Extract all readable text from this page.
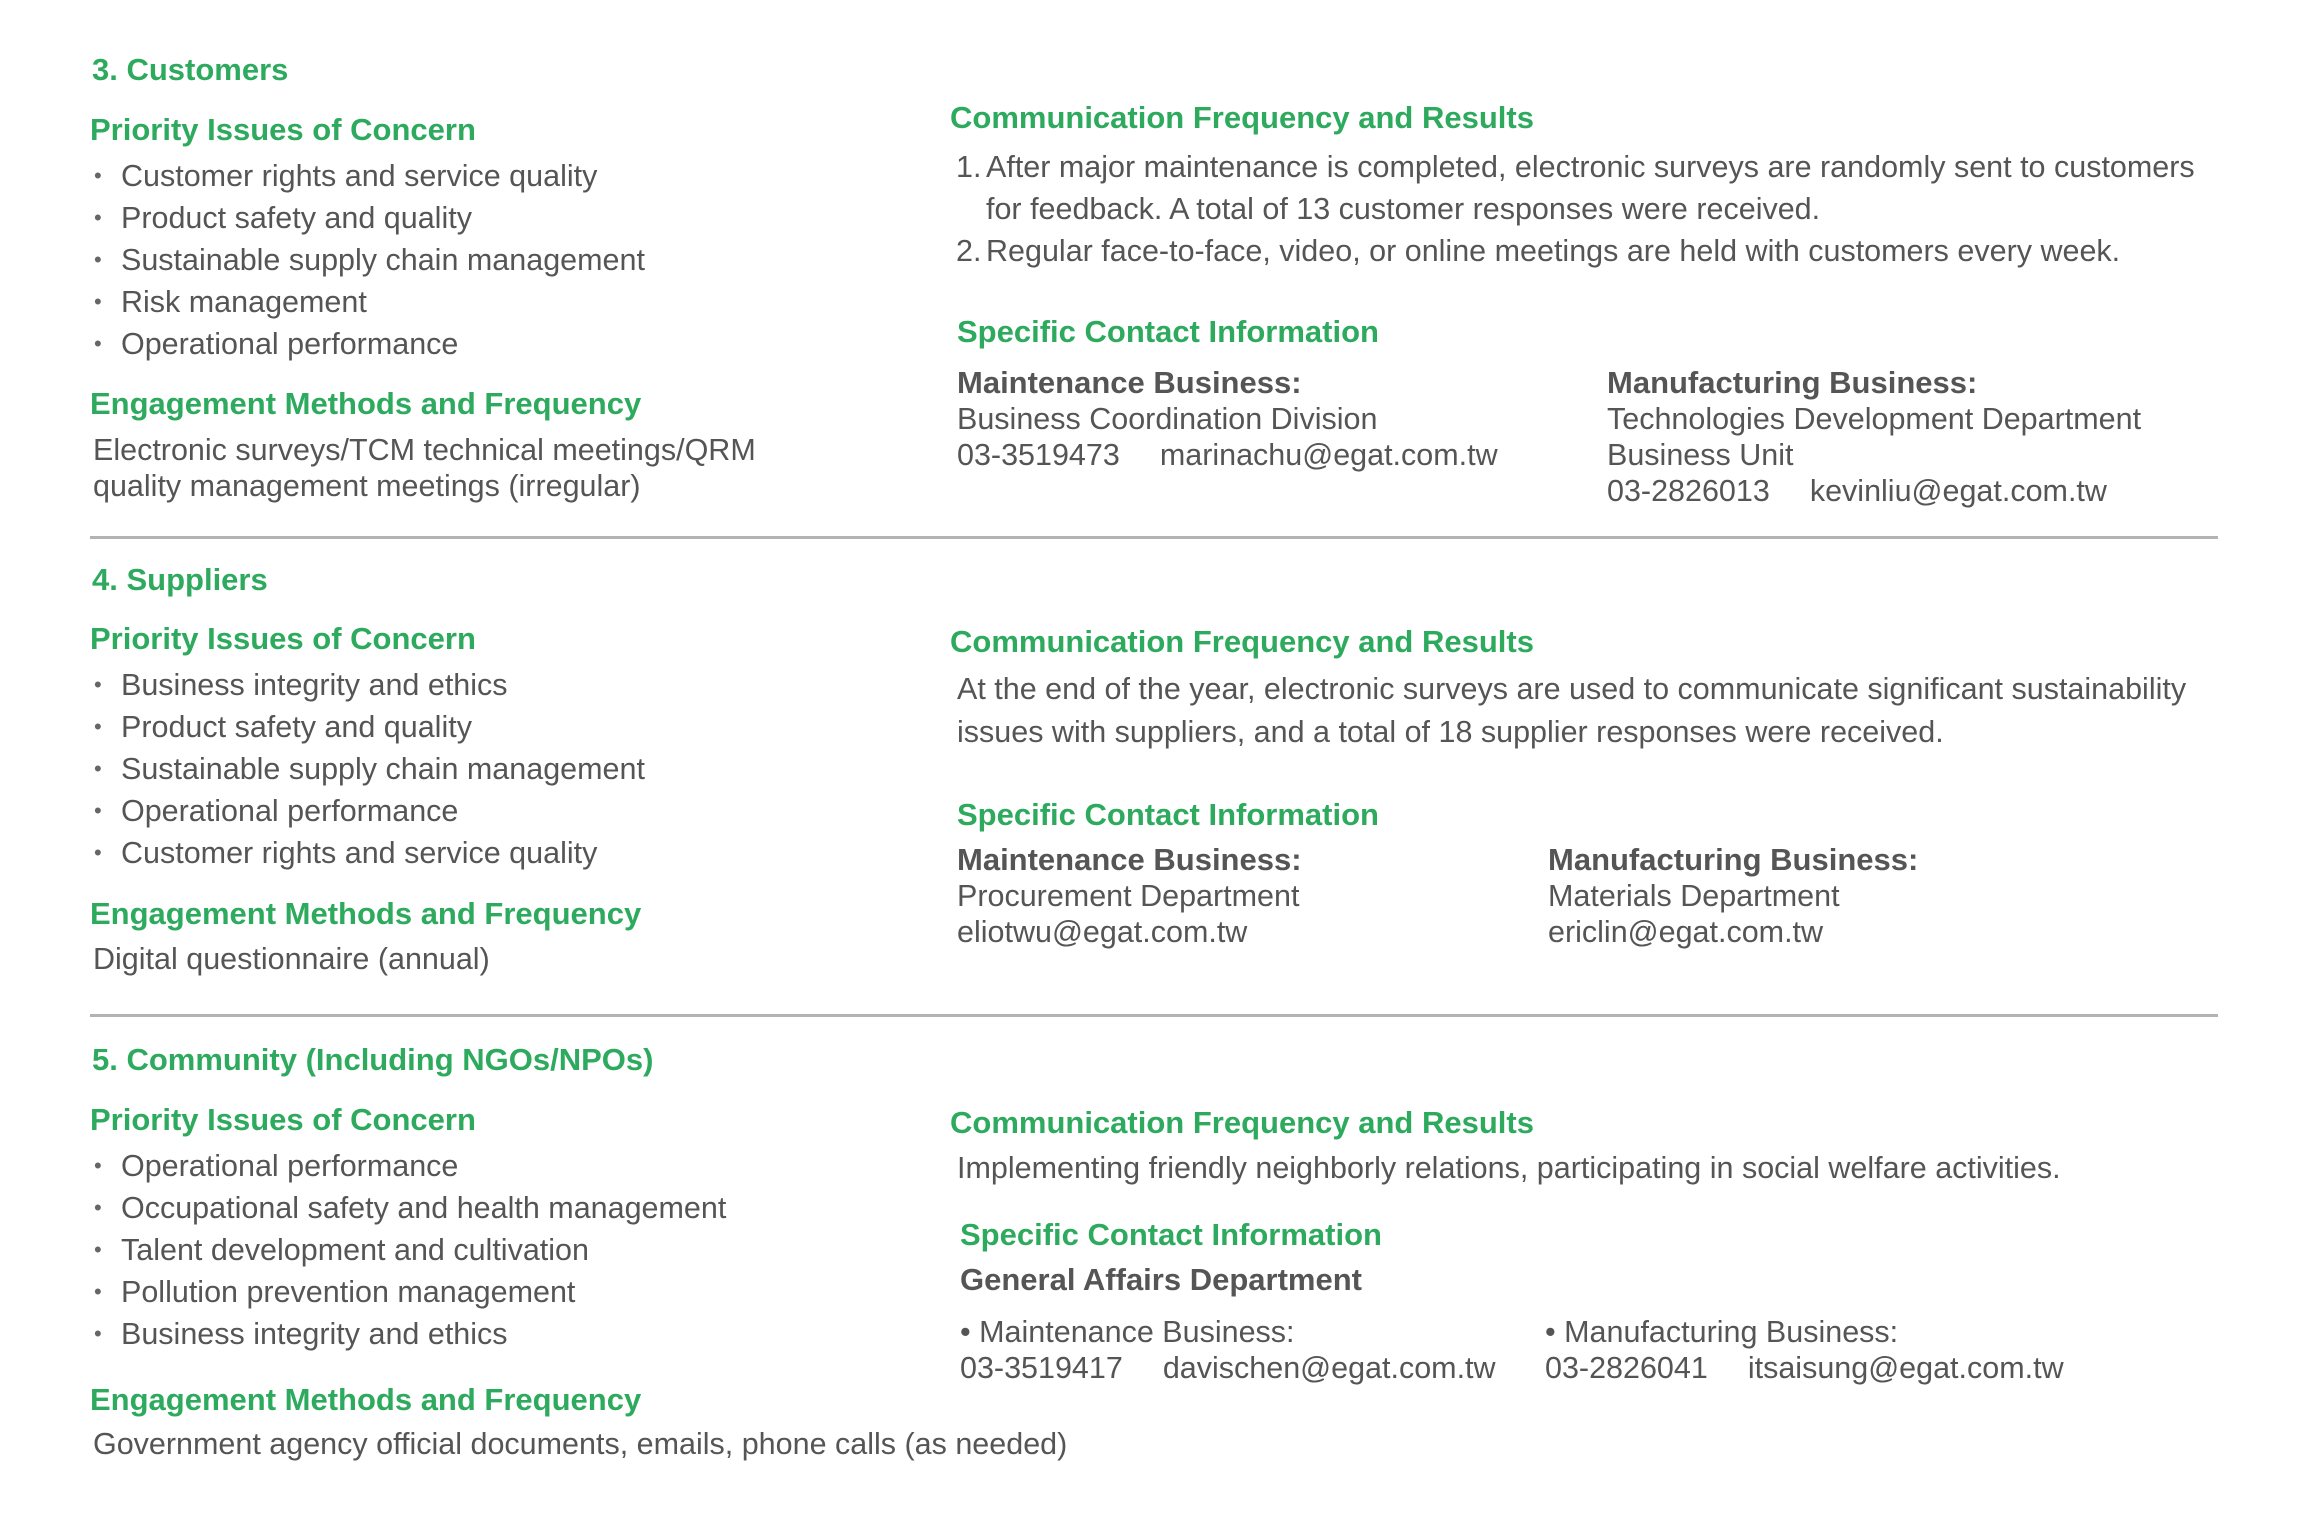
3. Customers
Priority Issues of Concern
• Customer rights and service quality
• Product safety and quality
• Sustainable supply chain management
• Risk management
• Operational performance
Engagement Methods and Frequency
Electronic surveys/TCM technical meetings/QRM
quality management meetings (irregular)
Communication Frequency and Results
1. After major maintenance is completed, electronic surveys are randomly sent to customers
for feedback. A total of 13 customer responses were received.
2. Regular face-to-face, video, or online meetings are held with customers every week.
Specific Contact Information
Maintenance Business:
Business Coordination Division
03-3519473 marinachu@egat.com.tw
Manufacturing Business:
Technologies Development Department
Business Unit
03-2826013 kevinliu@egat.com.tw
4. Suppliers
Priority Issues of Concern
• Business integrity and ethics
• Product safety and quality
• Sustainable supply chain management
• Operational performance
• Customer rights and service quality
Engagement Methods and Frequency
Digital questionnaire (annual)
Communication Frequency and Results
At the end of the year, electronic surveys are used to communicate significant sustainability
issues with suppliers, and a total of 18 supplier responses were received.
Specific Contact Information
Maintenance Business:
Procurement Department
eliotwu@egat.com.tw
Manufacturing Business:
Materials Department
ericlin@egat.com.tw
5. Community (Including NGOs/NPOs)
Priority Issues of Concern
• Operational performance
• Occupational safety and health management
• Talent development and cultivation
• Pollution prevention management
• Business integrity and ethics
Engagement Methods and Frequency
Government agency official documents, emails, phone calls (as needed)
Communication Frequency and Results
Implementing friendly neighborly relations, participating in social welfare activities.
Specific Contact Information
General Affairs Department
• Maintenance Business:
03-3519417 davischen@egat.com.tw
• Manufacturing Business:
03-2826041 itsaisung@egat.com.tw
